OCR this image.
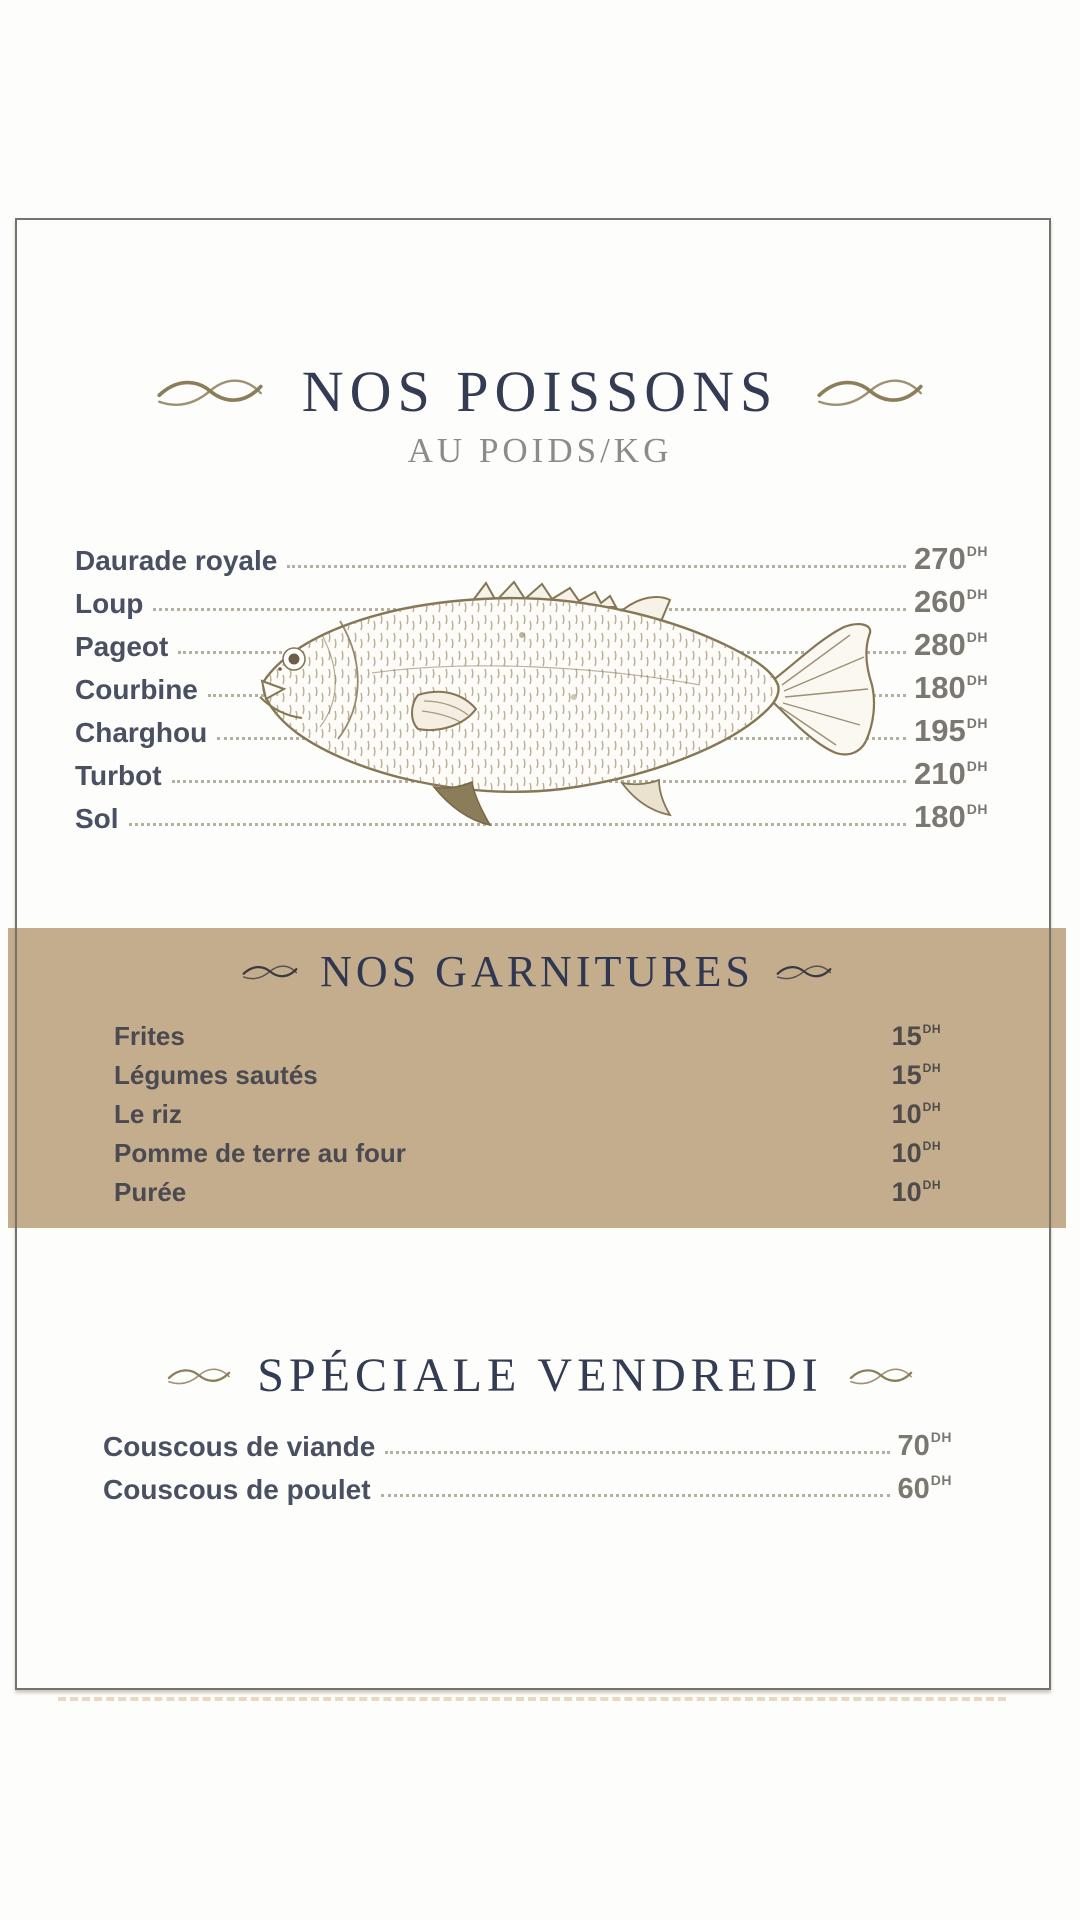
NOS POISSONS
AU POIDS/KG
Daurade royale	$270^{DH}$
Loup	$260^{DH}$
Pageot	$280^{DH}$
Courbine	$180^{DH}$
Charghou	$195^{DH}$
Turbot	$210^{DH}$
Sol	$180^{DH}$
NOS GARNITURES
Frites	$15^{DH}$
Légumes sautés	$15^{DH}$
Le riz	$10^{DH}$
Pomme de terre au four	$10^{DH}$
Purée	$10^{DH}$
SPÉCIALE VENDREDI
Couscous de viande	$70^{DH}$
Couscous de poulet	$60^{DH}$
